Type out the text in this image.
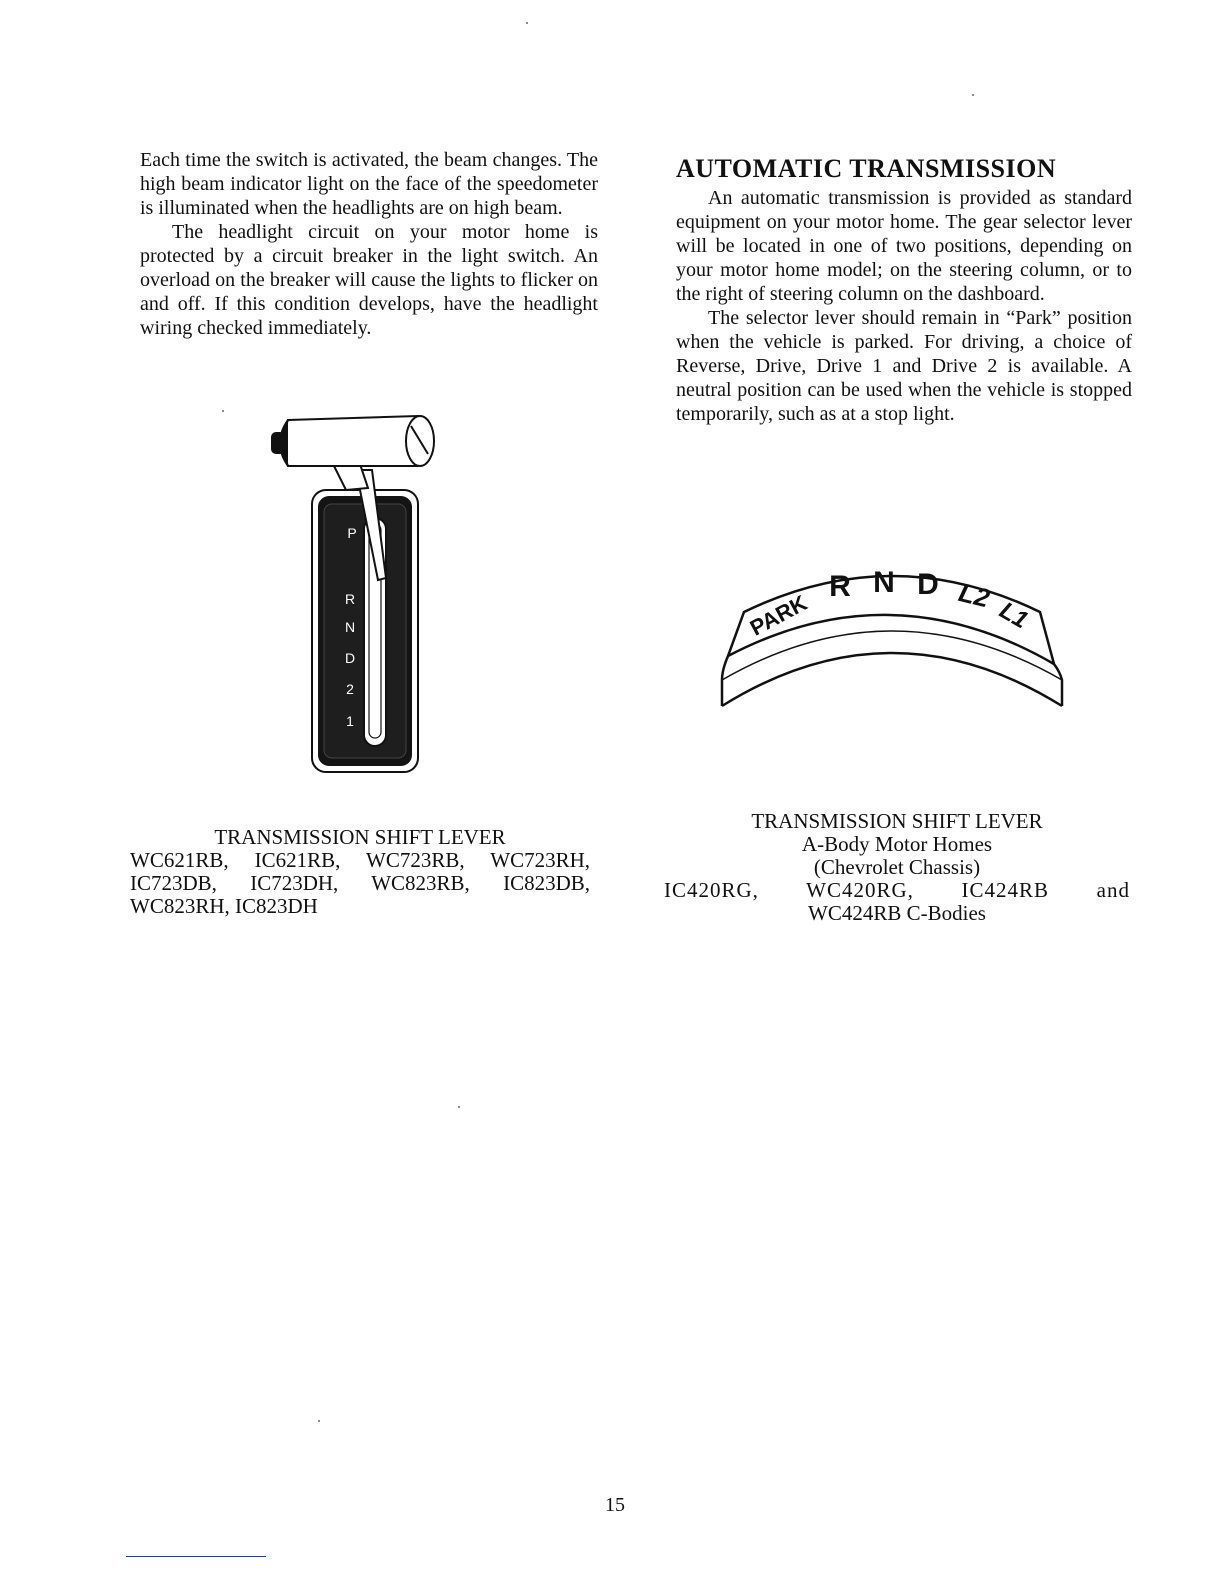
Each time the switch is activated, the beam changes. The high beam indicator light on the face of the speedometer is illuminated when the headlights are on high beam.

The headlight circuit on your motor home is protected by a circuit breaker in the light switch. An overload on the breaker will cause the lights to flicker on and off. If this condition develops, have the headlight wiring checked immediately.

AUTOMATIC TRANSMISSION

An automatic transmission is provided as standard equipment on your motor home. The gear selector lever will be located in one of two positions, depending on your motor home model; on the steering column, or to the right of steering column on the dashboard.

The selector lever should remain in “Park” position when the vehicle is parked. For driving, a choice of Reverse, Drive, Drive 1 and Drive 2 is available. A neutral position can be used when the vehicle is stopped temporarily, such as at a stop light.

P
R
N
D
2
1
PARK
R N D L2
L1
TRANSMISSION SHIFT LEVER
WC621RB, IC621RB, WC723RB, WC723RH,
IC723DB, IC723DH, WC823RB, IC823DB,
WC823RH, IC823DH
TRANSMISSION SHIFT LEVER
A-Body Motor Homes
(Chevrolet Chassis)
IC420RG, WC420RG, IC424RB and
WC424RB C-Bodies
15
